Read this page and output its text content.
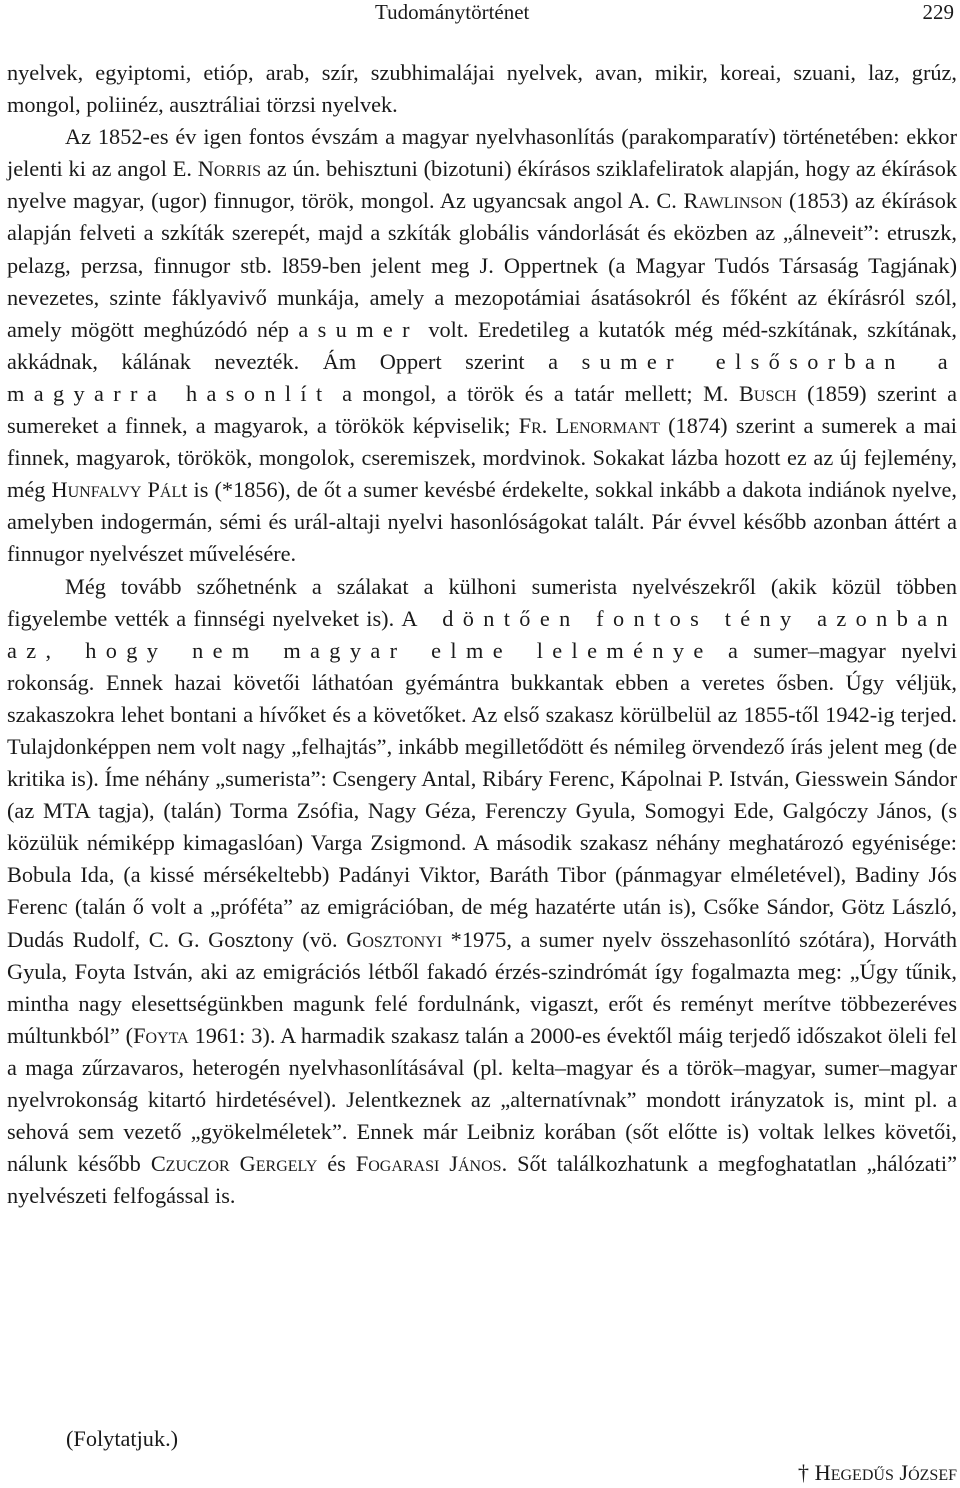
Tudománytörténet	229

nyelvek, egyiptomi, etióp, arab, szír, szubhimalájai nyelvek, avan, mikir, koreai, szuani, laz, grúz, mongol, poliinéz, ausztráliai törzsi nyelvek.

Az 1852-es év igen fontos évszám a magyar nyelvhasonlítás (parakomparatív) történetében: ekkor jelenti ki az angol E. Norris az ún. behisztuni (bizotuni) ékírásos sziklafeliratok alapján, hogy az ékírások nyelve magyar, (ugor) finnugor, török, mongol. Az ugyancsak angol A. C. Rawlinson (1853) az ékírások alapján felveti a szkíták szerepét, majd a szkíták globális vándorlását és eközben az „álneveit”: etruszk, pelazg, perzsa, finnugor stb. l859-ben jelent meg J. Oppertnek (a Magyar Tudós Társaság Tagjának) nevezetes, szinte fáklyavivő munkája, amely a mezopotámiai ásatásokról és főként az ékírásról szól, amely mögött meghúzódó nép a sumer volt. Eredetileg a kutatók még méd-szkítának, szkítának, akkádnak, kálának nevezték. Ám Oppert szerint a sumer elsősorban a magyarra hasonlít a mongol, a török és a tatár mellett; M. Busch (1859) szerint a sumereket a finnek, a magyarok, a törökök képviselik; Fr. Lenormant (1874) szerint a sumerek a mai finnek, magyarok, törökök, mongolok, cseremiszek, mordvinok. Sokakat lázba hozott ez az új fejlemény, még Hunfalvy Pált is (*1856), de őt a sumer kevésbé érdekelte, sokkal inkább a dakota indiánok nyelve, amelyben indogermán, sémi és urál-altaji nyelvi hasonlóságokat talált. Pár évvel később azonban áttért a finnugor nyelvészet művelésére.

Még tovább szőhetnénk a szálakat a külhoni sumerista nyelvészekről (akik közül többen figyelembe vették a finnségi nyelveket is). A döntően fontos tény azonban az, hogy nem magyar elme leleménye a sumer–magyar nyelvi rokonság. Ennek hazai követői láthatóan gyémántra bukkantak ebben a veretes ősben. Úgy véljük, szakaszokra lehet bontani a hívőket és a követőket. Az első szakasz körülbelül az 1855-től 1942-ig terjed. Tulajdonképpen nem volt nagy „felhajtás”, inkább megilletődött és némileg örvendező írás jelent meg (de kritika is). Íme néhány „sumerista”: Csengery Antal, Ribáry Ferenc, Kápolnai P. István, Giesswein Sándor (az MTA tagja), (talán) Torma Zsófia, Nagy Géza, Ferenczy Gyula, Somogyi Ede, Galgóczy János, (s közülük némiképp kimagaslóan) Varga Zsigmond. A második szakasz néhány meghatározó egyénisége: Bobula Ida, (a kissé mérsékeltebb) Padányi Viktor, Baráth Tibor (pánmagyar elméletével), Badiny Jós Ferenc (talán ő volt a „próféta” az emigrációban, de még hazatérte után is), Csőke Sándor, Götz László, Dudás Rudolf, C. G. Gosztony (vö. Gosztonyi *1975, a sumer nyelv összehasonlító szótára), Horváth Gyula, Foyta István, aki az emigrációs létből fakadó érzés-szindrómát így fogalmazta meg: „Úgy tűnik, mintha nagy elesettségünkben magunk felé fordulnánk, vigaszt, erőt és reményt merítve többezeréves múltunkból” (Foyta 1961: 3). A harmadik szakasz talán a 2000-es évektől máig terjedő időszakot öleli fel a maga zűrzavaros, heterogén nyelvhasonlításával (pl. kelta–magyar és a török–magyar, sumer–magyar nyelvrokonság kitartó hirdetésével). Jelentkeznek az „alternatívnak” mondott irányzatok is, mint pl. a sehová sem vezető „gyökelméletek”. Ennek már Leibniz korában (sőt előtte is) voltak lelkes követői, nálunk később Czuczor Gergely és Fogarasi János. Sőt találkozhatunk a megfoghatatlan „hálózati” nyelvészeti felfogással is.

(Folytatjuk.)
† Hegedűs József
